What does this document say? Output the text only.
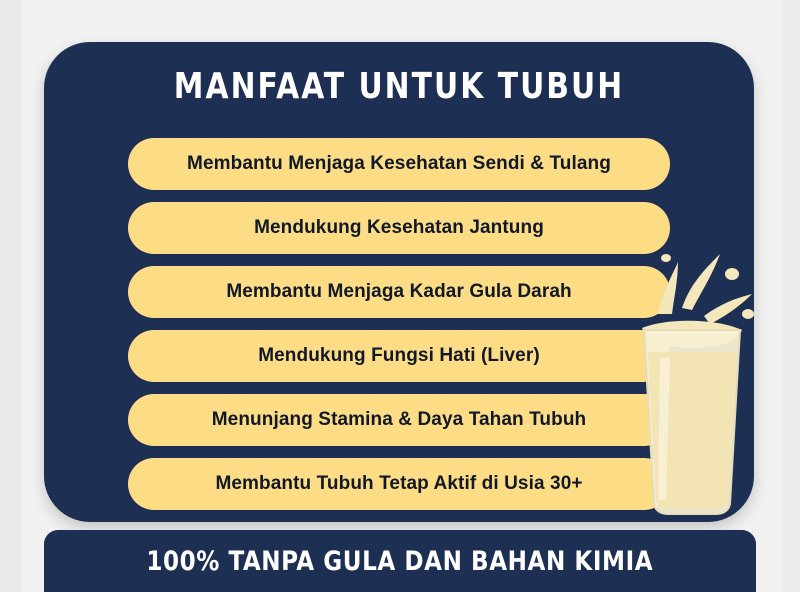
MANFAAT UNTUK TUBUH
Membantu Menjaga Kesehatan Sendi & Tulang
Mendukung Kesehatan Jantung
Membantu Menjaga Kadar Gula Darah
Mendukung Fungsi Hati (Liver)
Menunjang Stamina & Daya Tahan Tubuh
Membantu Tubuh Tetap Aktif di Usia 30+
100% TANPA GULA DAN BAHAN KIMIA
